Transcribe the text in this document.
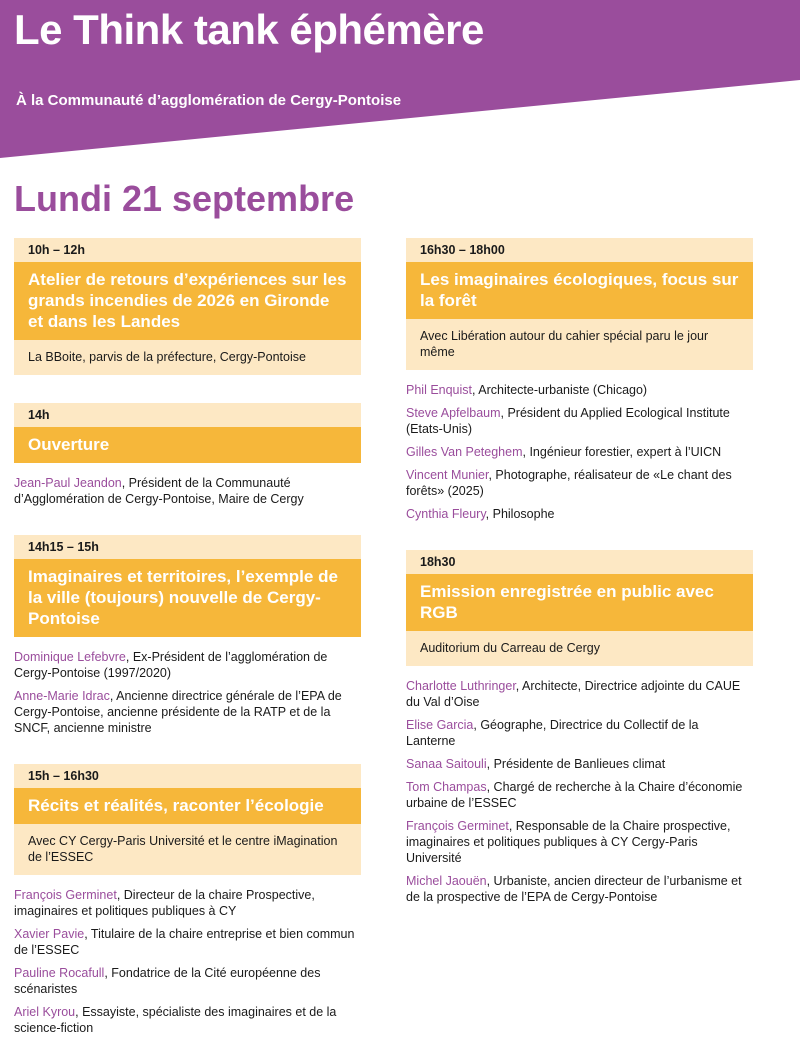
Le Think tank éphémère
À la Communauté d’agglomération de Cergy-Pontoise
Lundi 21 septembre
10h – 12h
Atelier de retours d’expériences sur les grands incendies de 2026 en Gironde et dans les Landes
La BBoite, parvis de la préfecture, Cergy-Pontoise
14h
Ouverture
Jean-Paul Jeandon, Président de la Communauté d’Agglomération de Cergy-Pontoise, Maire de Cergy
14h15 – 15h
Imaginaires et territoires, l’exemple de la ville (toujours) nouvelle de Cergy-Pontoise
Dominique Lefebvre, Ex-Président de l’agglomération de Cergy-Pontoise (1997/2020)
Anne-Marie Idrac, Ancienne directrice générale de l’EPA de Cergy-Pontoise, ancienne présidente de la RATP et de la SNCF, ancienne ministre
15h – 16h30
Récits et réalités, raconter l’écologie
Avec CY Cergy-Paris Université et le centre iMagination de l’ESSEC
François Germinet, Directeur de la chaire Prospective, imaginaires et politiques publiques à CY
Xavier Pavie, Titulaire de la chaire entreprise et bien commun de l’ESSEC
Pauline Rocafull, Fondatrice de la Cité européenne des scénaristes
Ariel Kyrou, Essayiste, spécialiste des imaginaires et de la science-fiction
16h30 – 18h00
Les imaginaires écologiques, focus sur la forêt
Avec Libération autour du cahier spécial paru le jour même
Phil Enquist, Architecte-urbaniste (Chicago)
Steve Apfelbaum, Président du Applied Ecological Institute (Etats-Unis)
Gilles Van Peteghem, Ingénieur forestier, expert à l’UICN
Vincent Munier, Photographe, réalisateur de «Le chant des forêts» (2025)
Cynthia Fleury, Philosophe
18h30
Emission enregistrée en public avec RGB
Auditorium du Carreau de Cergy
Charlotte Luthringer, Architecte, Directrice adjointe du CAUE du Val d’Oise
Elise Garcia, Géographe, Directrice du Collectif de la Lanterne
Sanaa Saitouli, Présidente de Banlieues climat
Tom Champas, Chargé de recherche à la Chaire d’économie urbaine de l’ESSEC
François Germinet, Responsable de la Chaire prospective, imaginaires et politiques publiques à CY Cergy-Paris Université
Michel Jaouën, Urbaniste, ancien directeur de l’urbanisme et de la prospective de l’EPA de Cergy-Pontoise
